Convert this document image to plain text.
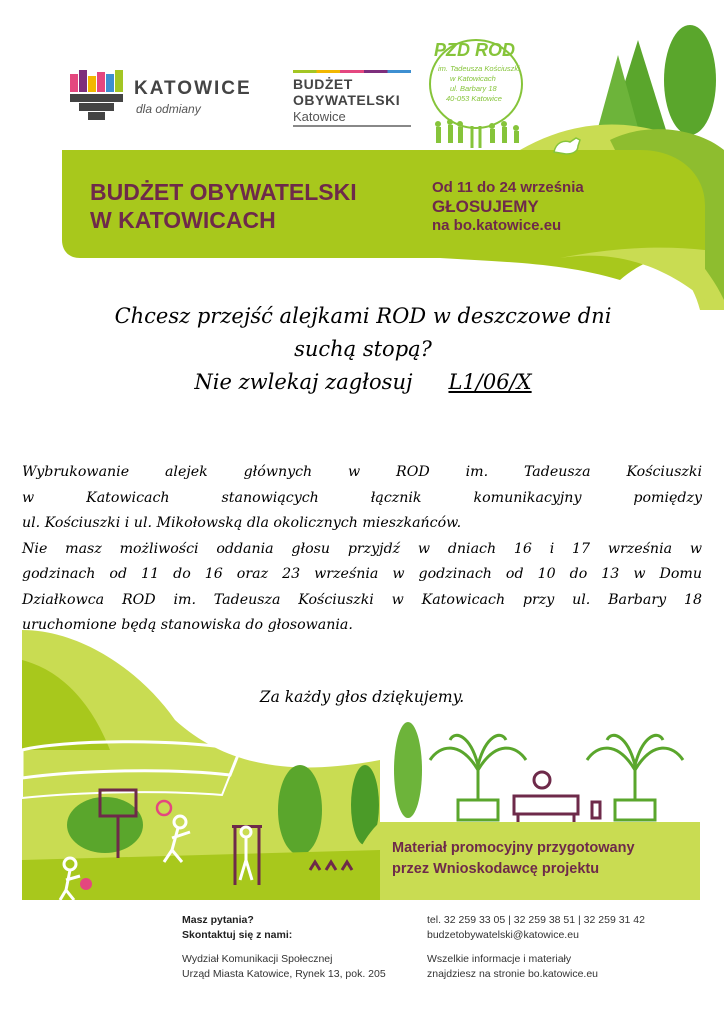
KATOWICE
dla odmiany
BUDŻET
OBYWATELSKI
Katowice
PZD ROD
im. Tadeusza Kościuszki
w Katowicach
ul. Barbary 18
40-053 Katowice
BUDŻET OBYWATELSKI
W KATOWICACH
Od 11 do 24 września
GŁOSUJEMY
na bo.katowice.eu
Chcesz przejść alejkami ROD w deszczowe dni
suchą stopą?
Nie zwlekaj zagłosuj L1/06/X
Wybrukowanie alejek głównych w ROD im. Tadeusza Kościuszki
w Katowicach stanowiących łącznik komunikacyjny pomiędzy
ul. Kościuszki i ul. Mikołowską dla okolicznych mieszkańców.
Nie masz możliwości oddania głosu przyjdź w dniach 16 i 17 września w
godzinach od 11 do 16 oraz 23 września w godzinach od 10 do 13 w Domu
Działkowca ROD im. Tadeusza Kościuszki w Katowicach przy ul. Barbary 18
uruchomione będą stanowiska do głosowania.
Za każdy głos dziękujemy.
Materiał promocyjny przygotowany
przez Wnioskodawcę projektu
Masz pytania?
Skontaktuj się z nami:
Wydział Komunikacji Społecznej
Urząd Miasta Katowice, Rynek 13, pok. 205
tel. 32 259 33 05 | 32 259 38 51 | 32 259 31 42
budzetobywatelski@katowice.eu
Wszelkie informacje i materiały
znajdziesz na stronie bo.katowice.eu
